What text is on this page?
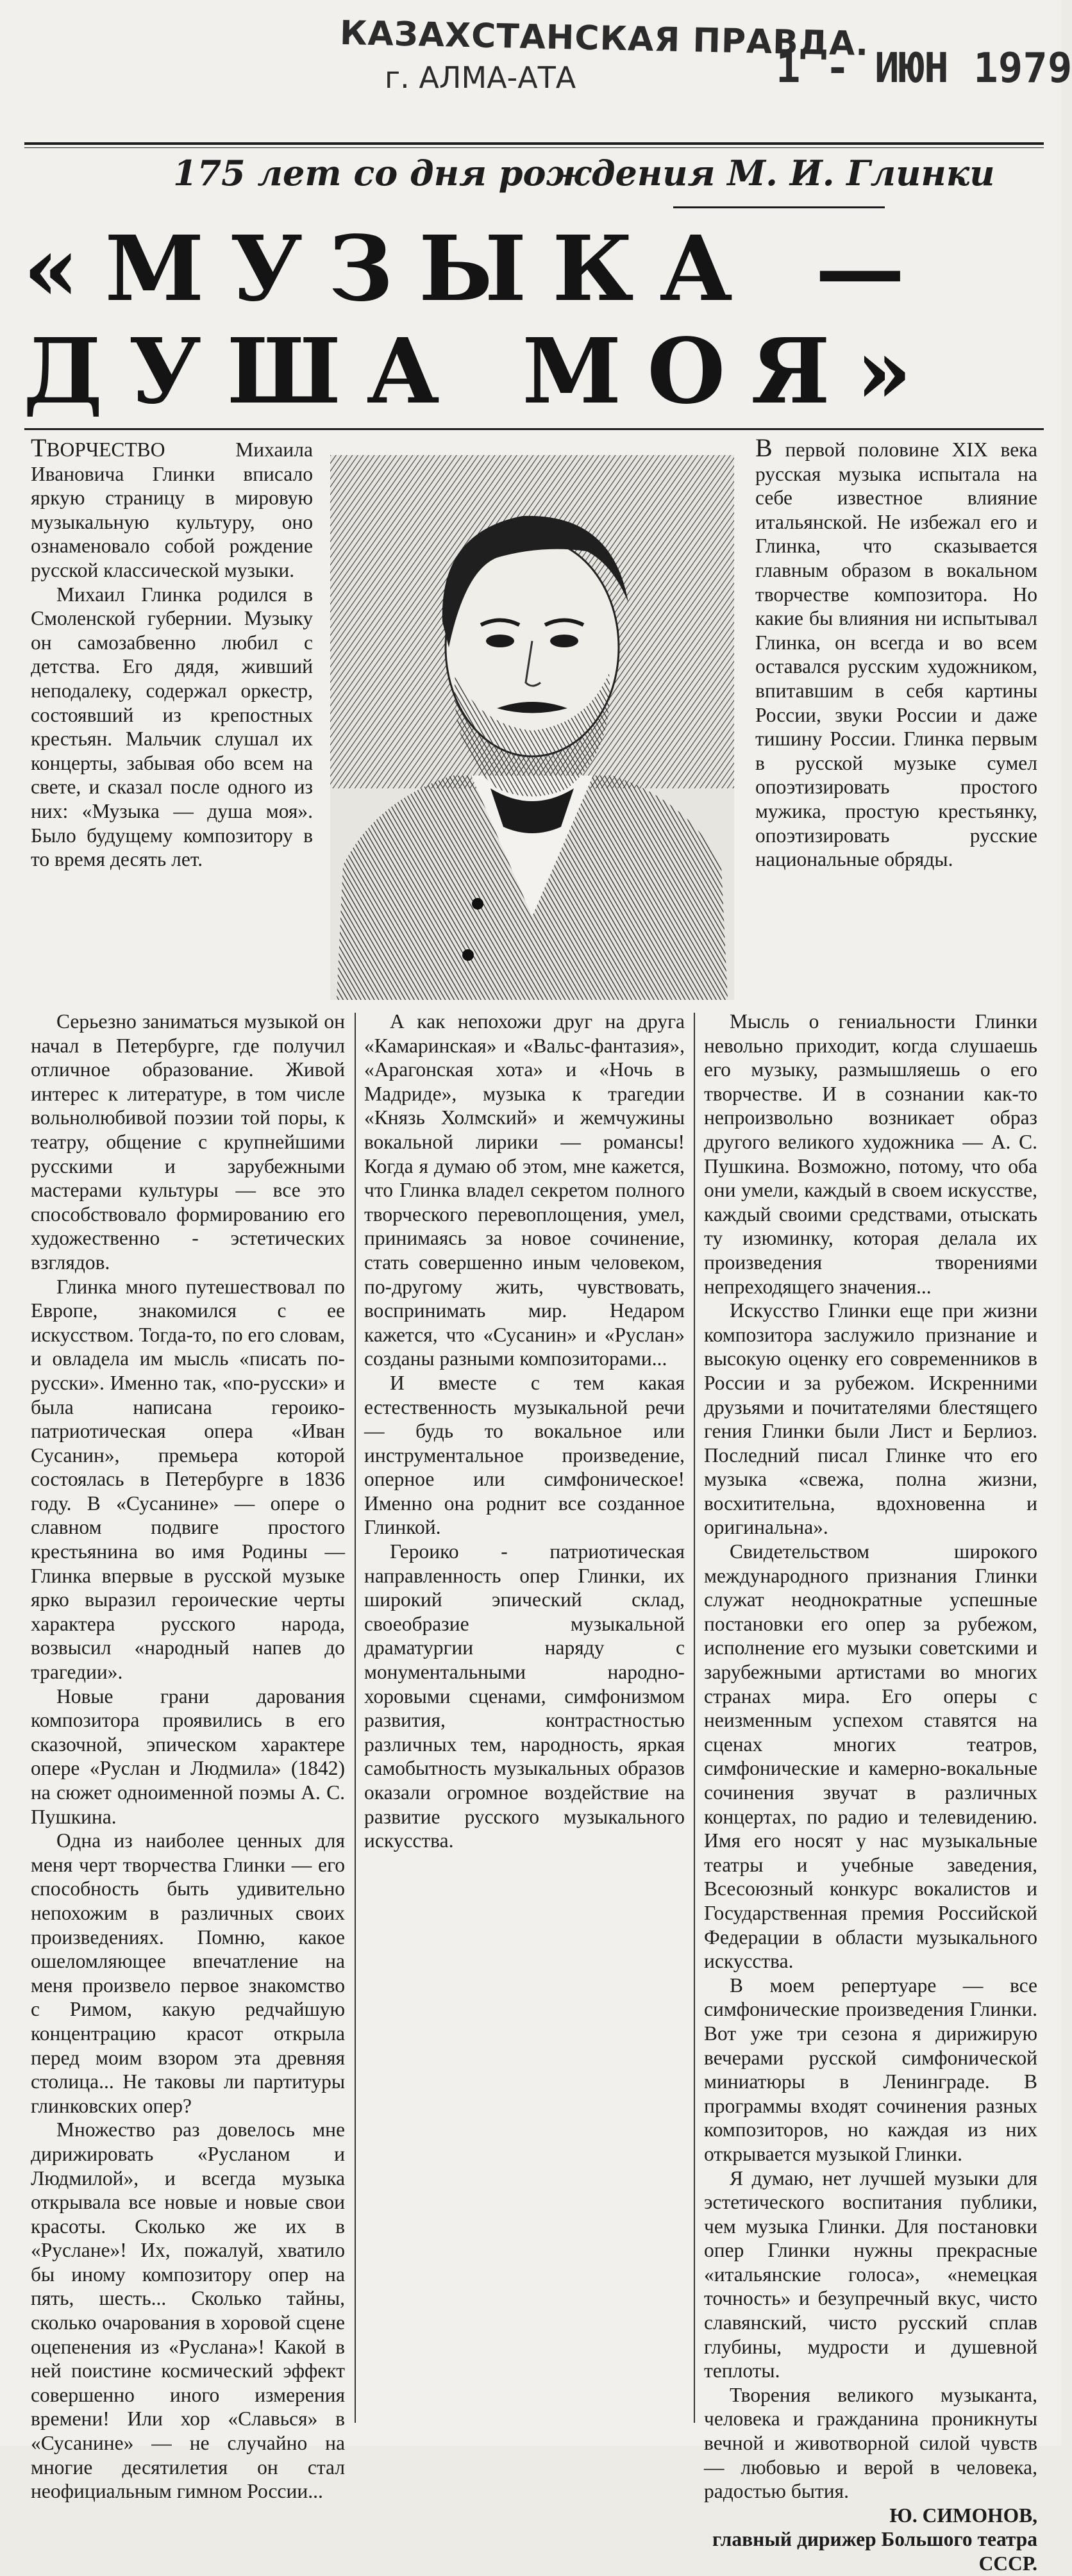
КАЗАХСТАНСКАЯ ПРАВДА.
г. АЛМА-АТА	1 - ИЮН 1979
175 лет со дня рождения М. И. Глинки
«МУЗЫКА —
ДУША МОЯ»

ТВОРЧЕСТВО Михаила Ивановича Глинки вписало яркую страницу в мировую музыкальную культуру, оно ознаменовало собой рождение русской классической музыки.

Михаил Глинка родился в Смоленской губернии. Музыку он самозабвенно любил с детства. Его дядя, живший неподалеку, содержал оркестр, состоявший из крепостных крестьян. Мальчик слушал их концерты, забывая обо всем на свете, и сказал после одного из них: «Музыка — душа моя». Было будущему композитору в то время десять лет.

В первой половине XIX века русская музыка испытала на себе известное влияние итальянской. Не избежал его и Глинка, что сказывается главным образом в вокальном творчестве композитора. Но какие бы влияния ни испытывал Глинка, он всегда и во всем оставался русским художником, впитавшим в себя картины России, звуки России и даже тишину России. Глинка первым в русской музыке сумел опоэтизировать простого мужика, простую крестьянку, опоэтизировать русские национальные обряды.

Серьезно заниматься музыкой он начал в Петербурге, где получил отличное образование. Живой интерес к литературе, в том числе вольнолюбивой поэзии той поры, к театру, общение с крупнейшими русскими и зарубежными мастерами культуры — все это способствовало формированию его художественно - эстетических взглядов.

Глинка много путешествовал по Европе, знакомился с ее искусством. Тогда-то, по его словам, и овладела им мысль «писать по-русски». Именно так, «по-русски» и была написана героико-патриотическая опера «Иван Сусанин», премьера которой состоялась в Петербурге в 1836 году. В «Сусанине» — опере о славном подвиге простого крестьянина во имя Родины — Глинка впервые в русской музыке ярко выразил героические черты характера русского народа, возвысил «народный напев до трагедии».

Новые грани дарования композитора проявились в его сказочной, эпическом характере опере «Руслан и Людмила» (1842) на сюжет одноименной поэмы А. С. Пушкина.

Одна из наиболее ценных для меня черт творчества Глинки — его способность быть удивительно непохожим в различных своих произведениях. Помню, какое ошеломляющее впечатление на меня произвело первое знакомство с Римом, какую редчайшую концентрацию красот открыла перед моим взором эта древняя столица... Не таковы ли партитуры глинковских опер?

Множество раз довелось мне дирижировать «Русланом и Людмилой», и всегда музыка открывала все новые и новые свои красоты. Сколько же их в «Руслане»! Их, пожалуй, хватило бы иному композитору опер на пять, шесть... Сколько тайны, сколько очарования в хоровой сцене оцепенения из «Руслана»! Какой в ней поистине космический эффект совершенно иного измерения времени! Или хор «Славься» в «Сусанине» — не случайно на многие десятилетия он стал неофициальным гимном России...

А как непохожи друг на друга «Камаринская» и «Вальс-фантазия», «Арагонская хота» и «Ночь в Мадриде», музыка к трагедии «Князь Холмский» и жемчужины вокальной лирики — романсы! Когда я думаю об этом, мне кажется, что Глинка владел секретом полного творческого перевоплощения, умел, принимаясь за новое сочинение, стать совершенно иным человеком, по-другому жить, чувствовать, воспринимать мир. Недаром кажется, что «Сусанин» и «Руслан» созданы разными композиторами...

И вместе с тем какая естественность музыкальной речи — будь то вокальное или инструментальное произведение, оперное или симфоническое! Именно она роднит все созданное Глинкой.

Героико - патриотическая направленность опер Глинки, их широкий эпический склад, своеобразие музыкальной драматургии наряду с монументальными народно-хоровыми сценами, симфонизмом развития, контрастностью различных тем, народность, яркая самобытность музыкальных образов оказали огромное воздействие на развитие русского музыкального искусства.

Мысль о гениальности Глинки невольно приходит, когда слушаешь его музыку, размышляешь о его творчестве. И в сознании как-то непроизвольно возникает образ другого великого художника — А. С. Пушкина. Возможно, потому, что оба они умели, каждый в своем искусстве, каждый своими средствами, отыскать ту изюминку, которая делала их произведения творениями непреходящего значения...

Искусство Глинки еще при жизни композитора заслужило признание и высокую оценку его современников в России и за рубежом. Искренними друзьями и почитателями блестящего гения Глинки были Лист и Берлиоз. Последний писал Глинке что его музыка «свежа, полна жизни, восхитительна, вдохновенна и оригинальна».

Свидетельством широкого международного признания Глинки служат неоднократные успешные постановки его опер за рубежом, исполнение его музыки советскими и зарубежными артистами во многих странах мира. Его оперы с неизменным успехом ставятся на сценах многих театров, симфонические и камерно-вокальные сочинения звучат в различных концертах, по радио и телевидению. Имя его носят у нас музыкальные театры и учебные заведения, Всесоюзный конкурс вокалистов и Государственная премия Российской Федерации в области музыкального искусства.

В моем репертуаре — все симфонические произведения Глинки. Вот уже три сезона я дирижирую вечерами русской симфонической миниатюры в Ленинграде. В программы входят сочинения разных композиторов, но каждая из них открывается музыкой Глинки.

Я думаю, нет лучшей музыки для эстетического воспитания публики, чем музыка Глинки. Для постановки опер Глинки нужны прекрасные «итальянские голоса», «немецкая точность» и безупречный вкус, чисто славянский, чисто русский сплав глубины, мудрости и душевной теплоты.

Творения великого музыканта, человека и гражданина проникнуты вечной и животворной силой чувств — любовью и верой в человека, радостью бытия.

Ю. СИМОНОВ,
главный дирижер Большого театра СССР.
